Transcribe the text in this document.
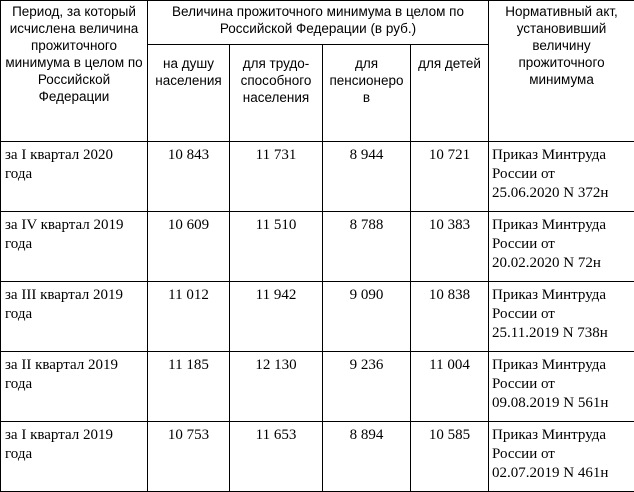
Период, за который исчислена величина прожиточного минимума в целом по Российской Федерации	Величина прожиточного минимума в целом по Российской Федерации (в руб.)				Нормативный акт, установивший величину прожиточного минимума
	на душу населения	для трудо-способного населения	для пенсионеро в	для детей	
за I квартал 2020 года	10 843	11 731	8 944	10 721	Приказ Минтруда
России от
25.06.2020 N 372н

за IV квартал 2019 года	10 609	11 510	8 788	10 383	Приказ Минтруда
России от
20.02.2020 N 72н

за III квартал 2019 года	11 012	11 942	9 090	10 838	Приказ Минтруда
России от
25.11.2019 N 738н

за II квартал 2019 года	11 185	12 130	9 236	11 004	Приказ Минтруда
России от
09.08.2019 N 561н

за I квартал 2019 года	10 753	11 653	8 894	10 585	Приказ Минтруда
России от
02.07.2019 N 461н
